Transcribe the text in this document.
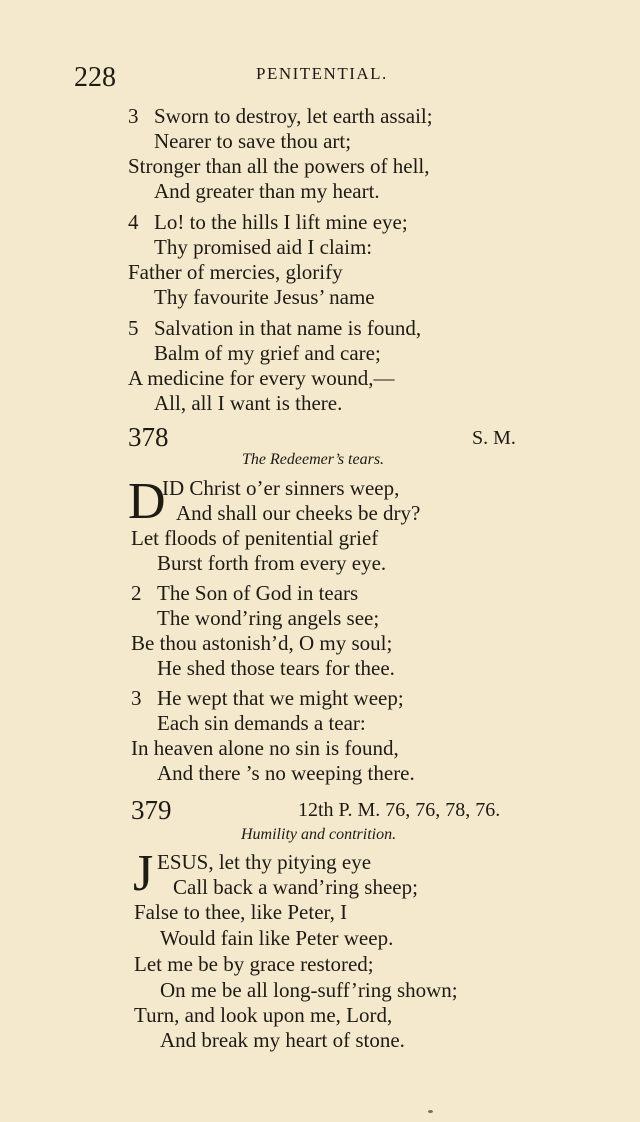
228	PENITENTIAL.
3 Sworn to destroy, let earth assail;
Nearer to save thou art;
Stronger than all the powers of hell,
And greater than my heart.
4 Lo! to the hills I lift mine eye;
Thy promised aid I claim:
Father of mercies, glorify
Thy favourite Jesus’ name
5 Salvation in that name is found,
Balm of my grief and care;
A medicine for every wound,—
All, all I want is there.
378	S. M.
The Redeemer’s tears.
D
ID Christ o’er sinners weep,
And shall our cheeks be dry?
Let floods of penitential grief
Burst forth from every eye.
2 The Son of God in tears
The wond’ring angels see;
Be thou astonish’d, O my soul;
He shed those tears for thee.
3 He wept that we might weep;
Each sin demands a tear:
In heaven alone no sin is found,
And there ’s no weeping there.
379	12th P. M. 76, 76, 78, 76.
Humility and contrition.
J ESUS, let thy pitying eye
Call back a wand’ring sheep;
False to thee, like Peter, I
Would fain like Peter weep.
Let me be by grace restored;
On me be all long-suff’ring shown;
Turn, and look upon me, Lord,
And break my heart of stone.
